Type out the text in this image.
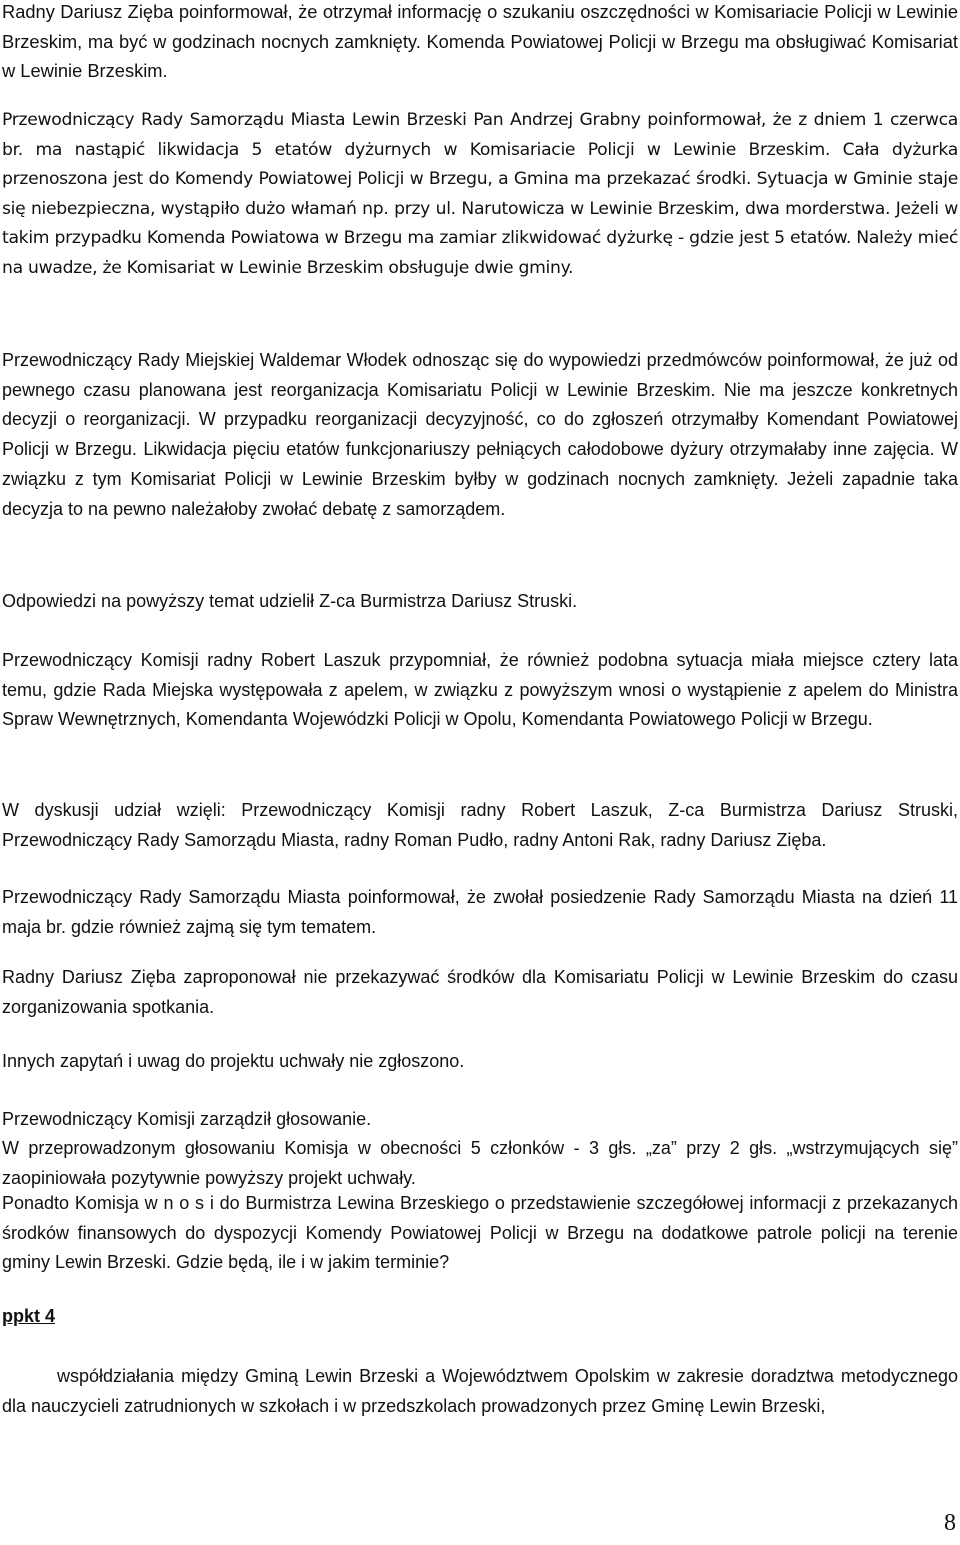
Radny Dariusz Zięba poinformował, że otrzymał informację o szukaniu oszczędności w Komisariacie Policji w Lewinie Brzeskim, ma być w godzinach nocnych zamknięty. Komenda Powiatowej Policji w Brzegu ma obsługiwać Komisariat w Lewinie Brzeskim.

Przewodniczący Rady Samorządu Miasta Lewin Brzeski Pan Andrzej Grabny poinformował, że z dniem 1 czerwca br. ma nastąpić likwidacja 5 etatów dyżurnych w Komisariacie Policji w Lewinie Brzeskim. Cała dyżurka przenoszona jest do Komendy Powiatowej Policji w Brzegu, a Gmina ma przekazać środki. Sytuacja w Gminie staje się niebezpieczna, wystąpiło dużo włamań np. przy ul. Narutowicza w Lewinie Brzeskim, dwa morderstwa. Jeżeli w takim przypadku Komenda Powiatowa w Brzegu ma zamiar zlikwidować dyżurkę - gdzie jest 5 etatów. Należy mieć na uwadze, że Komisariat w Lewinie Brzeskim obsługuje dwie gminy.

Przewodniczący Rady Miejskiej Waldemar Włodek odnosząc się do wypowiedzi przedmówców poinformował, że już od pewnego czasu planowana jest reorganizacja Komisariatu Policji w Lewinie Brzeskim. Nie ma jeszcze konkretnych decyzji o reorganizacji. W przypadku reorganizacji decyzyjność, co do zgłoszeń otrzymałby Komendant Powiatowej Policji w Brzegu. Likwidacja pięciu etatów funkcjonariuszy pełniących całodobowe dyżury otrzymałaby inne zajęcia. W związku z tym Komisariat Policji w Lewinie Brzeskim byłby w godzinach nocnych zamknięty. Jeżeli zapadnie taka decyzja to na pewno należałoby zwołać debatę z samorządem.

Odpowiedzi na powyższy temat udzielił Z-ca Burmistrza Dariusz Struski.

Przewodniczący Komisji radny Robert Laszuk przypomniał, że również podobna sytuacja miała miejsce cztery lata temu, gdzie Rada Miejska występowała z apelem, w związku z powyższym wnosi o wystąpienie z apelem do Ministra Spraw Wewnętrznych, Komendanta Wojewódzki Policji w Opolu, Komendanta Powiatowego Policji w Brzegu.

W dyskusji udział wzięli: Przewodniczący Komisji radny Robert Laszuk, Z-ca Burmistrza Dariusz Struski, Przewodniczący Rady Samorządu Miasta, radny Roman Pudło, radny Antoni Rak, radny Dariusz Zięba.

Przewodniczący Rady Samorządu Miasta poinformował, że zwołał posiedzenie Rady Samorządu Miasta na dzień 11 maja br. gdzie również zajmą się tym tematem.

Radny Dariusz Zięba zaproponował nie przekazywać środków dla Komisariatu Policji w Lewinie Brzeskim do czasu zorganizowania spotkania.

Innych zapytań i uwag do projektu uchwały nie zgłoszono.

Przewodniczący Komisji zarządził głosowanie.

W przeprowadzonym głosowaniu Komisja w obecności 5 członków - 3 głs. „za” przy 2 głs. „wstrzymujących się” zaopiniowała pozytywnie powyższy projekt uchwały.

Ponadto Komisja w n o s i do Burmistrza Lewina Brzeskiego o przedstawienie szczegółowej informacji z przekazanych środków finansowych do dyspozycji Komendy Powiatowej Policji w Brzegu na dodatkowe patrole policji na terenie gminy Lewin Brzeski. Gdzie będą, ile i w jakim terminie?

ppkt 4

współdziałania między Gminą Lewin Brzeski a Województwem Opolskim w zakresie doradztwa metodycznego dla nauczycieli zatrudnionych w szkołach i w przedszkolach prowadzonych przez Gminę Lewin Brzeski,

8
